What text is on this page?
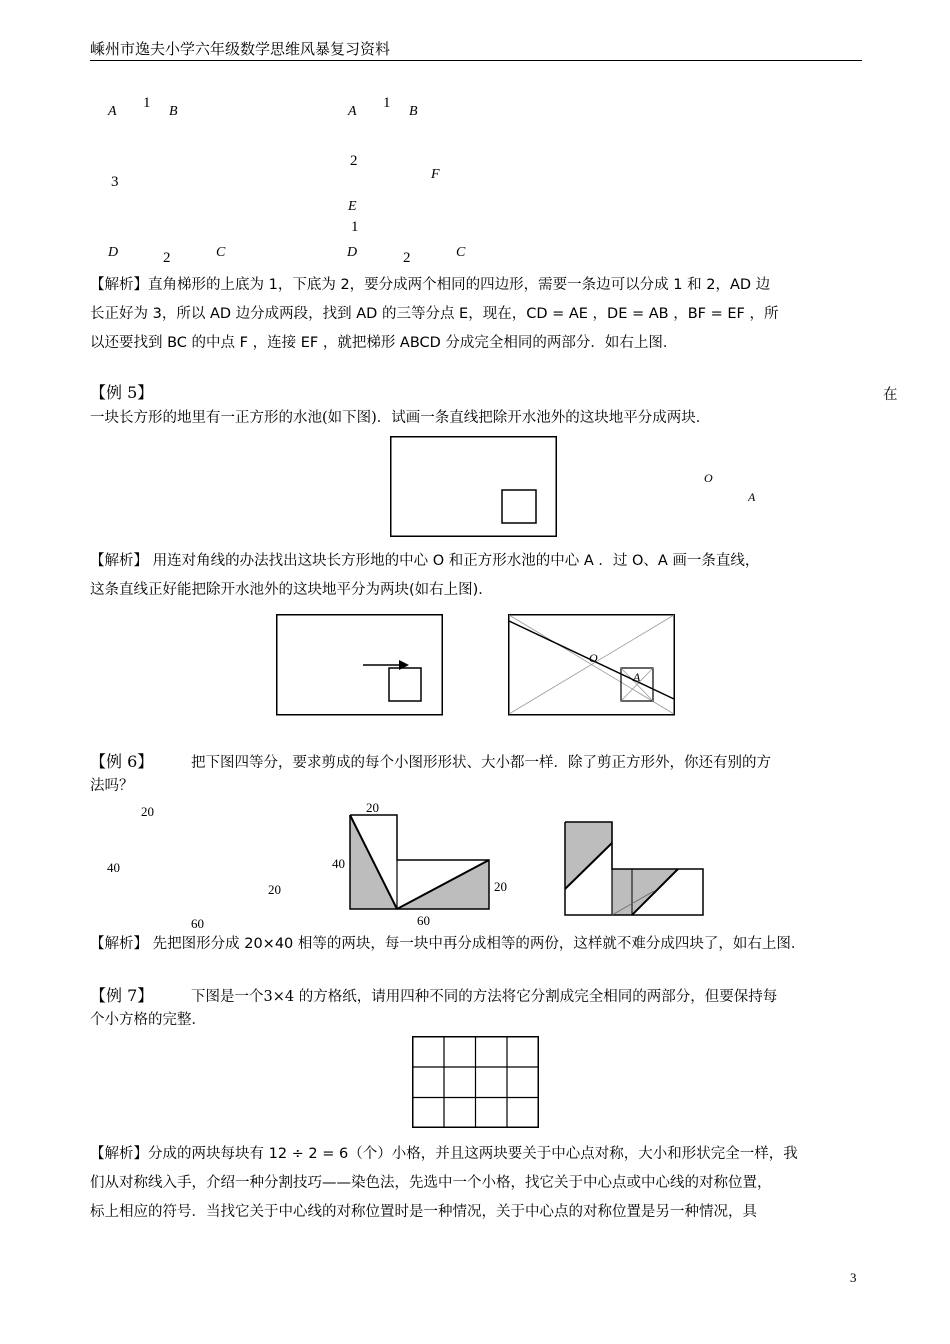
嵊州市逸夫小学六年级数学思维风暴复习资料
A
1
B
3
D	2	C
A
1
B
2
F
E
1
D	2	C
【解析】直角梯形的上底为 1，下底为 2，要分成两个相同的四边形，需要一条边可以分成 1 和 2，AD 边
长正好为 3，所以 AD 边分成两段，找到 AD 的三等分点 E，现在，CD = AE ，DE = AB ，BF = EF ，所
以还要找到 BC 的中点 F ，连接 EF ，就把梯形 ABCD 分成完全相同的两部分．如右上图．
【例 5】	在
一块长方形的地里有一正方形的水池(如下图)．试画一条直线把除开水池外的这块地平分成两块．
O
A
【解析】 用连对角线的办法找出这块长方形地的中心 O 和正方形水池的中心 A ．过 O、A 画一条直线，
这条直线正好能把除开水池外的这块地平分为两块(如右上图)．
O
A
【例 6】	把下图四等分，要求剪成的每个小图形形状、大小都一样．除了剪正方形外，你还有别的方
法吗？
20
40
20
60
20
40
20
60
【解析】 先把图形分成 20×40 相等的两块，每一块中再分成相等的两份，这样就不难分成四块了，如右上图．
【例 7】	下图是一个3×4 的方格纸，请用四种不同的方法将它分割成完全相同的两部分，但要保持每
个小方格的完整．
【解析】分成的两块每块有 12 ÷ 2 = 6（个）小格，并且这两块要关于中心点对称，大小和形状完全一样，我
们从对称线入手，介绍一种分割技巧——染色法，先选中一个小格，找它关于中心点或中心线的对称位置，
标上相应的符号．当找它关于中心线的对称位置时是一种情况，关于中心点的对称位置是另一种情况，具
3
